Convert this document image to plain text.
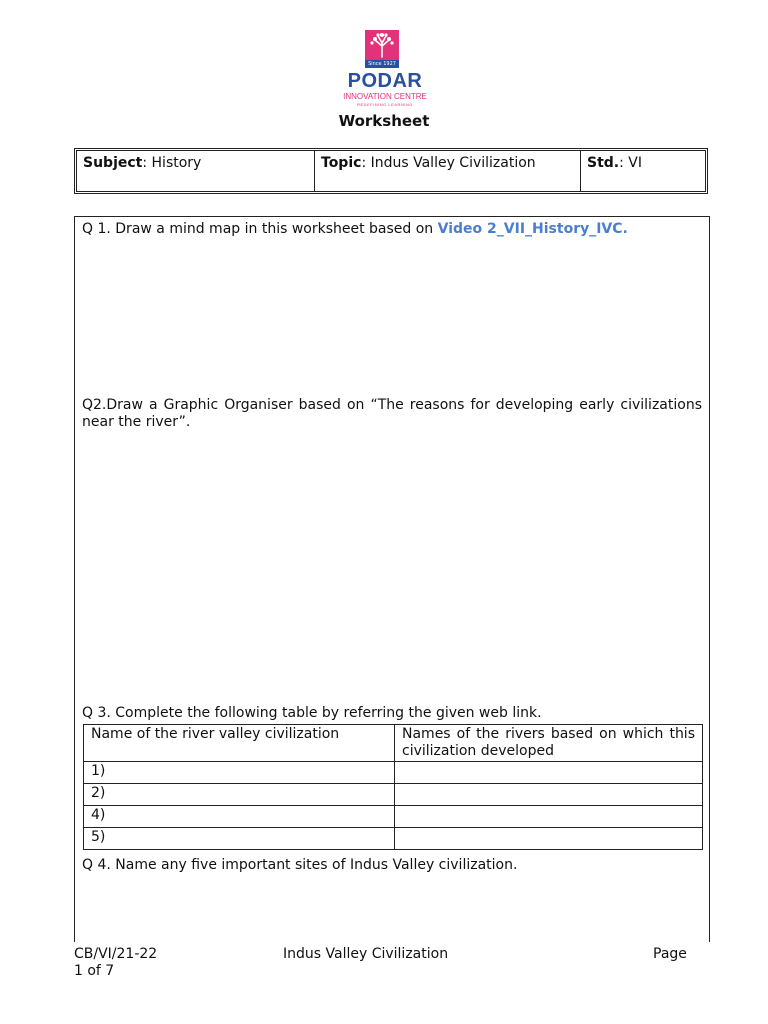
Since 1927
PODAR
INNOVATION CENTRE
REDEFINING LEARNING
Worksheet
Subject: History	Topic: Indus Valley Civilization	Std.: VI
Q 1. Draw a mind map in this worksheet based on Video 2_VII_History_IVC.
Q2.Draw a Graphic Organiser based on “The reasons for developing early civilizations near the river”.
Q 3. Complete the following table by referring the given web link.
Name of the river valley civilization	Names of the rivers based on which this civilization developed
1)	
2)	
4)	
5)	
Q 4. Name any five important sites of Indus Valley civilization.
CB/VI/21-22
1 of 7
Indus Valley Civilization	Page
